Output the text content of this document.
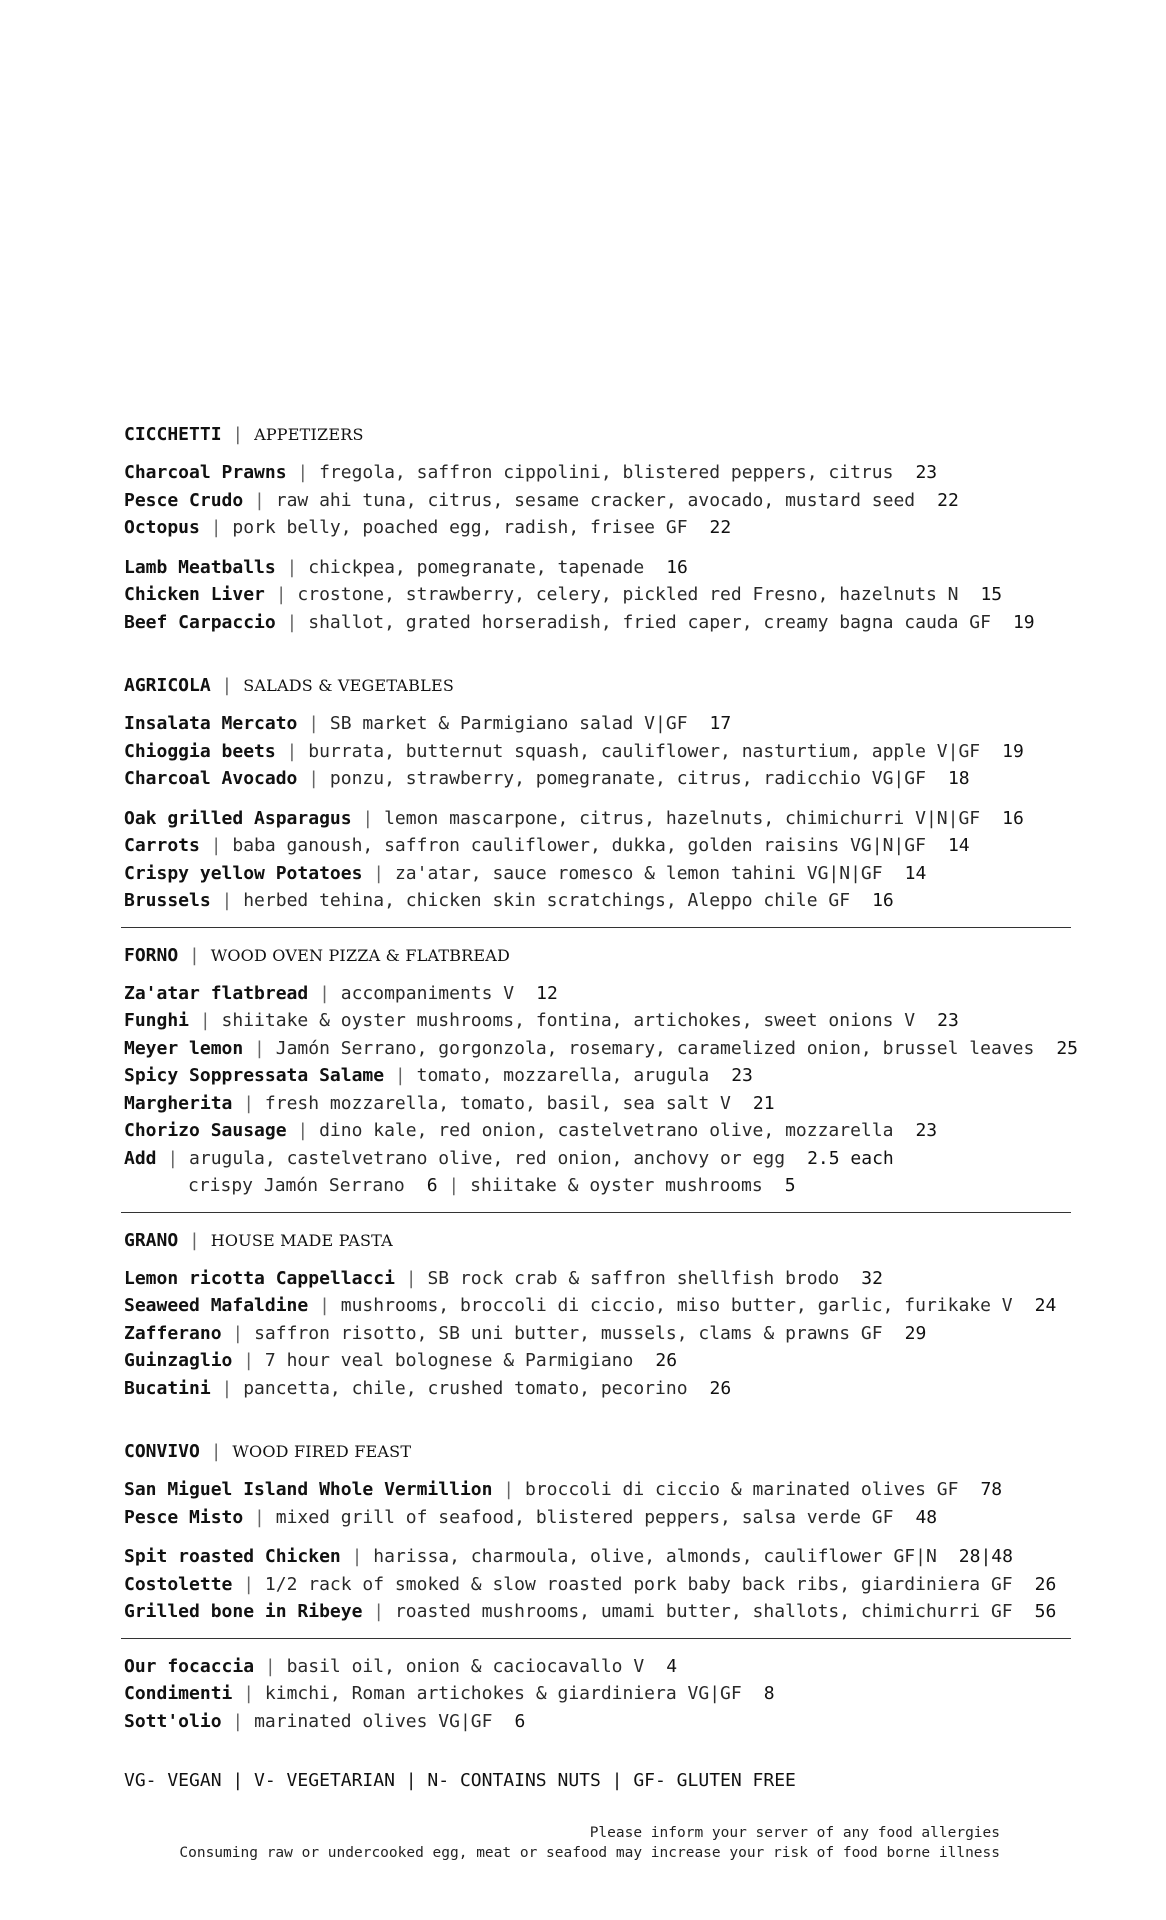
CICCHETTI | APPETIZERS
Charcoal Prawns | fregola, saffron cippolini, blistered peppers, citrus 23
Pesce Crudo | raw ahi tuna, citrus, sesame cracker, avocado, mustard seed 22
Octopus | pork belly, poached egg, radish, frisee GF 22
Lamb Meatballs | chickpea, pomegranate, tapenade 16
Chicken Liver | crostone, strawberry, celery, pickled red Fresno, hazelnuts N 15
Beef Carpaccio | shallot, grated horseradish, fried caper, creamy bagna cauda GF 19
AGRICOLA | SALADS & VEGETABLES
Insalata Mercato | SB market & Parmigiano salad V|GF 17
Chioggia beets | burrata, butternut squash, cauliflower, nasturtium, apple V|GF 19
Charcoal Avocado | ponzu, strawberry, pomegranate, citrus, radicchio VG|GF 18
Oak grilled Asparagus | lemon mascarpone, citrus, hazelnuts, chimichurri V|N|GF 16
Carrots | baba ganoush, saffron cauliflower, dukka, golden raisins VG|N|GF 14
Crispy yellow Potatoes | za'atar, sauce romesco & lemon tahini VG|N|GF 14
Brussels | herbed tehina, chicken skin scratchings, Aleppo chile GF 16
FORNO | WOOD OVEN PIZZA & FLATBREAD
Za'atar flatbread | accompaniments V 12
Funghi | shiitake & oyster mushrooms, fontina, artichokes, sweet onions V 23
Meyer lemon | Jamón Serrano, gorgonzola, rosemary, caramelized onion, brussel leaves 25
Spicy Soppressata Salame | tomato, mozzarella, arugula 23
Margherita | fresh mozzarella, tomato, basil, sea salt V 21
Chorizo Sausage | dino kale, red onion, castelvetrano olive, mozzarella 23
Add | arugula, castelvetrano olive, red onion, anchovy or egg 2.5 each
crispy Jamón Serrano 6 | shiitake & oyster mushrooms 5
GRANO | HOUSE MADE PASTA
Lemon ricotta Cappellacci | SB rock crab & saffron shellfish brodo 32
Seaweed Mafaldine | mushrooms, broccoli di ciccio, miso butter, garlic, furikake V 24
Zafferano | saffron risotto, SB uni butter, mussels, clams & prawns GF 29
Guinzaglio | 7 hour veal bolognese & Parmigiano 26
Bucatini | pancetta, chile, crushed tomato, pecorino 26
CONVIVO | WOOD FIRED FEAST
San Miguel Island Whole Vermillion | broccoli di ciccio & marinated olives GF 78
Pesce Misto | mixed grill of seafood, blistered peppers, salsa verde GF 48
Spit roasted Chicken | harissa, charmoula, olive, almonds, cauliflower GF|N 28|48
Costolette | 1/2 rack of smoked & slow roasted pork baby back ribs, giardiniera GF 26
Grilled bone in Ribeye | roasted mushrooms, umami butter, shallots, chimichurri GF 56
Our focaccia | basil oil, onion & caciocavallo V 4
Condimenti | kimchi, Roman artichokes & giardiniera VG|GF 8
Sott'olio | marinated olives VG|GF 6
VG- VEGAN | V- VEGETARIAN | N- CONTAINS NUTS | GF- GLUTEN FREE
Please inform your server of any food allergies
Consuming raw or undercooked egg, meat or seafood may increase your risk of food borne illness
